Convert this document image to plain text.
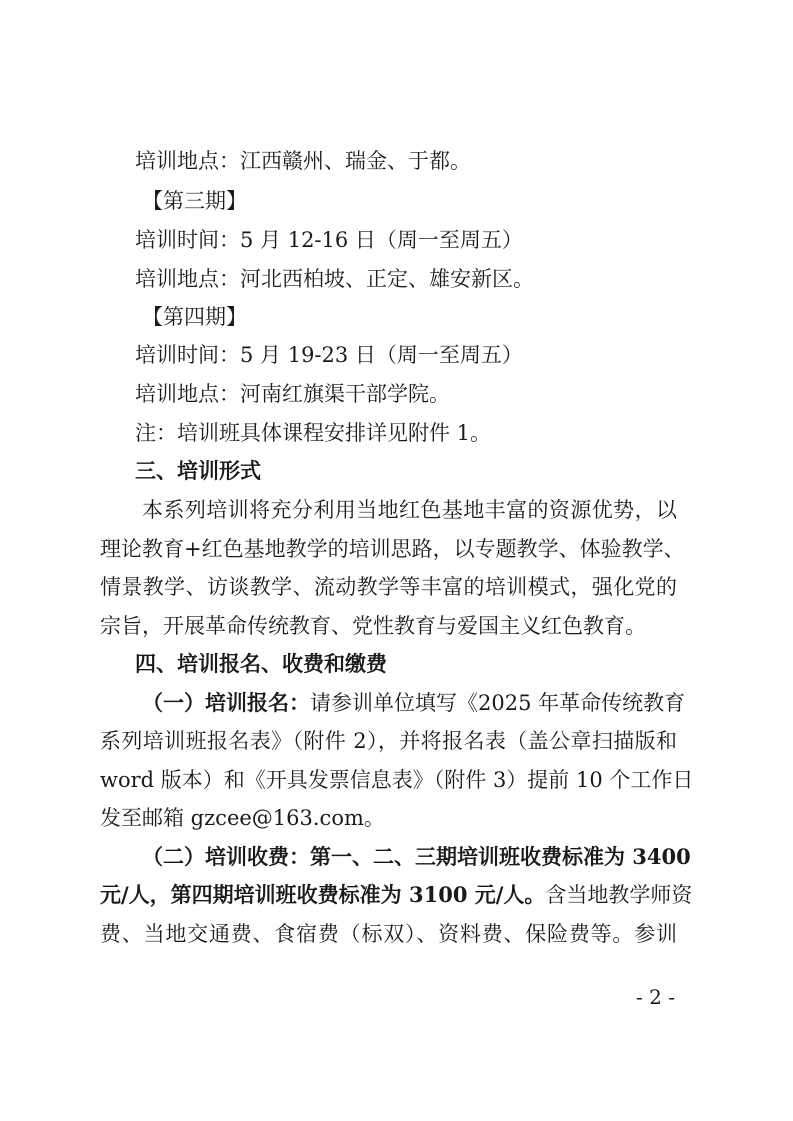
培训地点：江西赣州、瑞金、于都。
【第三期】
培训时间：5 月 12-16 日（周一至周五）
培训地点：河北西柏坡、正定、雄安新区。
【第四期】
培训时间：5 月 19-23 日（周一至周五）
培训地点：河南红旗渠干部学院。
注：培训班具体课程安排详见附件 1。
三、培训形式
本系列培训将充分利用当地红色基地丰富的资源优势，以
理论教育+红色基地教学的培训思路，以专题教学、体验教学、
情景教学、访谈教学、流动教学等丰富的培训模式，强化党的
宗旨，开展革命传统教育、党性教育与爱国主义红色教育。
四、培训报名、收费和缴费
（一）培训报名：请参训单位填写《2025 年革命传统教育
系列培训班报名表》（附件 2），并将报名表（盖公章扫描版和
word 版本）和《开具发票信息表》（附件 3）提前 10 个工作日
发至邮箱 gzcee@163.com。
（二）培训收费：第一、二、三期培训班收费标准为 3400
元/人，第四期培训班收费标准为 3100 元/人。含当地教学师资
费、当地交通费、食宿费（标双）、资料费、保险费等。参训
- 2 -
